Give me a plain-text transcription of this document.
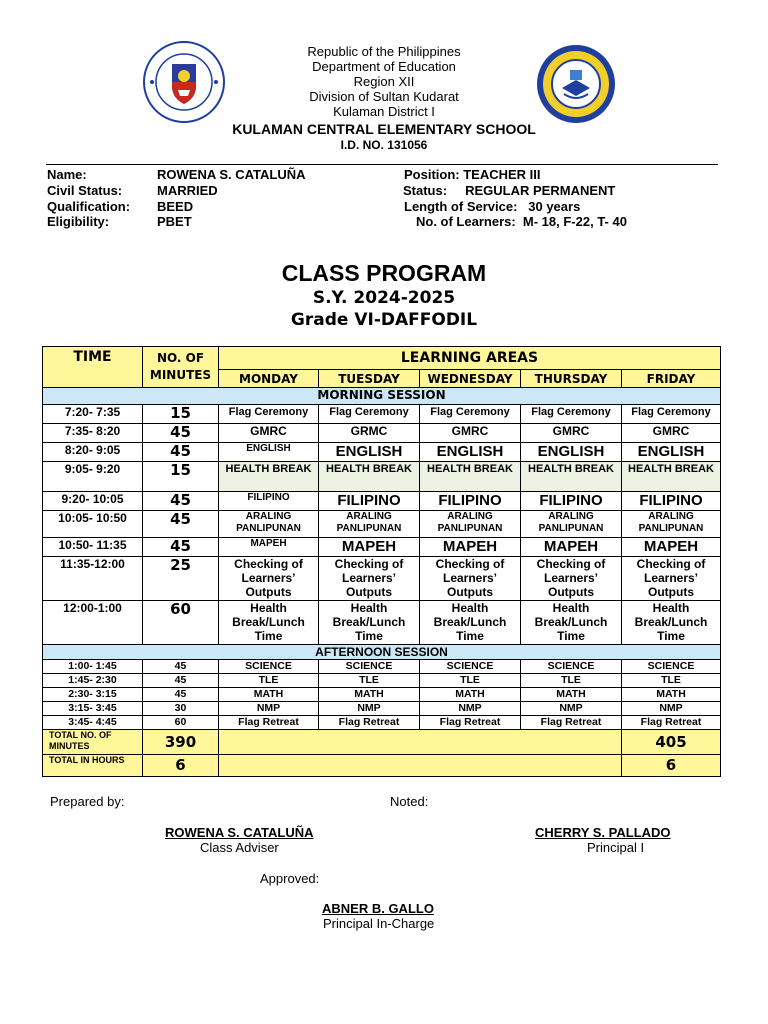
Republic of the Philippines
Department of Education
Region XII
Division of Sultan Kudarat
Kulaman District I
KULAMAN CENTRAL ELEMENTARY SCHOOL
I.D. NO. 131056
Name:	ROWENA S. CATALUÑA
Civil Status:	MARRIED
Qualification: BEED
Eligibility:	PBET
Position: TEACHER III
Status:     REGULAR PERMANENT
Length of Service:   30 years
No. of Learners:  M- 18, F-22, T- 40
CLASS PROGRAM
S.Y. 2024-2025
Grade VI-DAFFODIL
TIME	NO. OF MINUTES	LEARNING AREAS				
		MONDAY	TUESDAY	WEDNESDAY	THURSDAY	FRIDAY
MORNING SESSION						
7:20- 7:35	15	Flag Ceremony	Flag Ceremony	Flag Ceremony	Flag Ceremony	Flag Ceremony
7:35- 8:20	45	GMRC	GRMC	GMRC	GMRC	GMRC
8:20- 9:05	45	ENGLISH	ENGLISH	ENGLISH	ENGLISH	ENGLISH
9:05- 9:20	15	HEALTH BREAK	HEALTH BREAK	HEALTH BREAK	HEALTH BREAK	HEALTH BREAK
9:20- 10:05	45	FILIPINO	FILIPINO	FILIPINO	FILIPINO	FILIPINO
10:05- 10:50	45	ARALING PANLIPUNAN	ARALING PANLIPUNAN	ARALING PANLIPUNAN	ARALING PANLIPUNAN	ARALING PANLIPUNAN
10:50- 11:35	45	MAPEH	MAPEH	MAPEH	MAPEH	MAPEH
11:35-12:00	25	Checking of Learners’ Outputs	Checking of Learners’ Outputs	Checking of Learners’ Outputs	Checking of Learners’ Outputs	Checking of Learners’ Outputs
12:00-1:00	60	Health Break/Lunch Time	Health Break/Lunch Time	Health Break/Lunch Time	Health Break/Lunch Time	Health Break/Lunch Time
AFTERNOON SESSION						
1:00- 1:45	45	SCIENCE	SCIENCE	SCIENCE	SCIENCE	SCIENCE
1:45- 2:30	45	TLE	TLE	TLE	TLE	TLE
2:30- 3:15	45	MATH	MATH	MATH	MATH	MATH
3:15- 3:45	30	NMP	NMP	NMP	NMP	NMP
3:45- 4:45	60	Flag Retreat	Flag Retreat	Flag Retreat	Flag Retreat	Flag Retreat
TOTAL NO. OF MINUTES	390					405
TOTAL IN HOURS	6					6
Prepared by:	Noted:
ROWENA S. CATALUÑA
Class Adviser
CHERRY S. PALLADO
Principal I
Approved:
ABNER B. GALLO
Principal In-Charge
